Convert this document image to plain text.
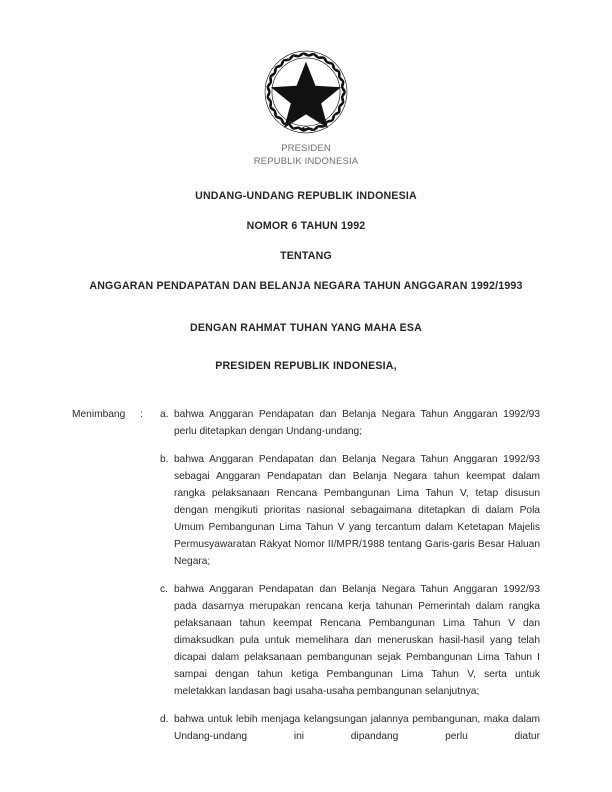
PRESIDEN
REPUBLIK INDONESIA
UNDANG-UNDANG REPUBLIK INDONESIA
NOMOR 6 TAHUN 1992
TENTANG
ANGGARAN PENDAPATAN DAN BELANJA NEGARA TAHUN ANGGARAN 1992/1993
DENGAN RAHMAT TUHAN YANG MAHA ESA
PRESIDEN REPUBLIK INDONESIA,
Menimbang	:	a. bahwa Anggaran Pendapatan dan Belanja Negara Tahun Anggaran 1992/93 perlu ditetapkan dengan Undang-undang;
b. bahwa Anggaran Pendapatan dan Belanja Negara Tahun Anggaran 1992/93 sebagai Anggaran Pendapatan dan Belanja Negara tahun keempat dalam rangka pelaksanaan Rencana Pembangunan Lima Tahun V, tetap disusun dengan mengikuti prioritas nasional sebagaimana ditetapkan di dalam Pola Umum Pembangunan Lima Tahun V yang tercantum dalam Ketetapan Majelis Permusyawaratan Rakyat Nomor II/MPR/1988 tentang Garis-garis Besar Haluan Negara;
c. bahwa Anggaran Pendapatan dan Belanja Negara Tahun Anggaran 1992/93 pada dasarnya merupakan rencana kerja tahunan Pemerintah dalam rangka pelaksanaan tahun keempat Rencana Pembangunan Lima Tahun V dan dimaksudkan pula untuk memelihara dan meneruskan hasil-hasil yang telah dicapai dalam pelaksanaan pembangunan sejak Pembangunan Lima Tahun I sampai dengan tahun ketiga Pembangunan Lima Tahun V, serta untuk meletakkan landasan bagi usaha-usaha pembangunan selanjutnya;
d. bahwa untuk lebih menjaga kelangsungan jalannya pembangunan, maka dalam Undang-undang ini dipandang perlu diatur
